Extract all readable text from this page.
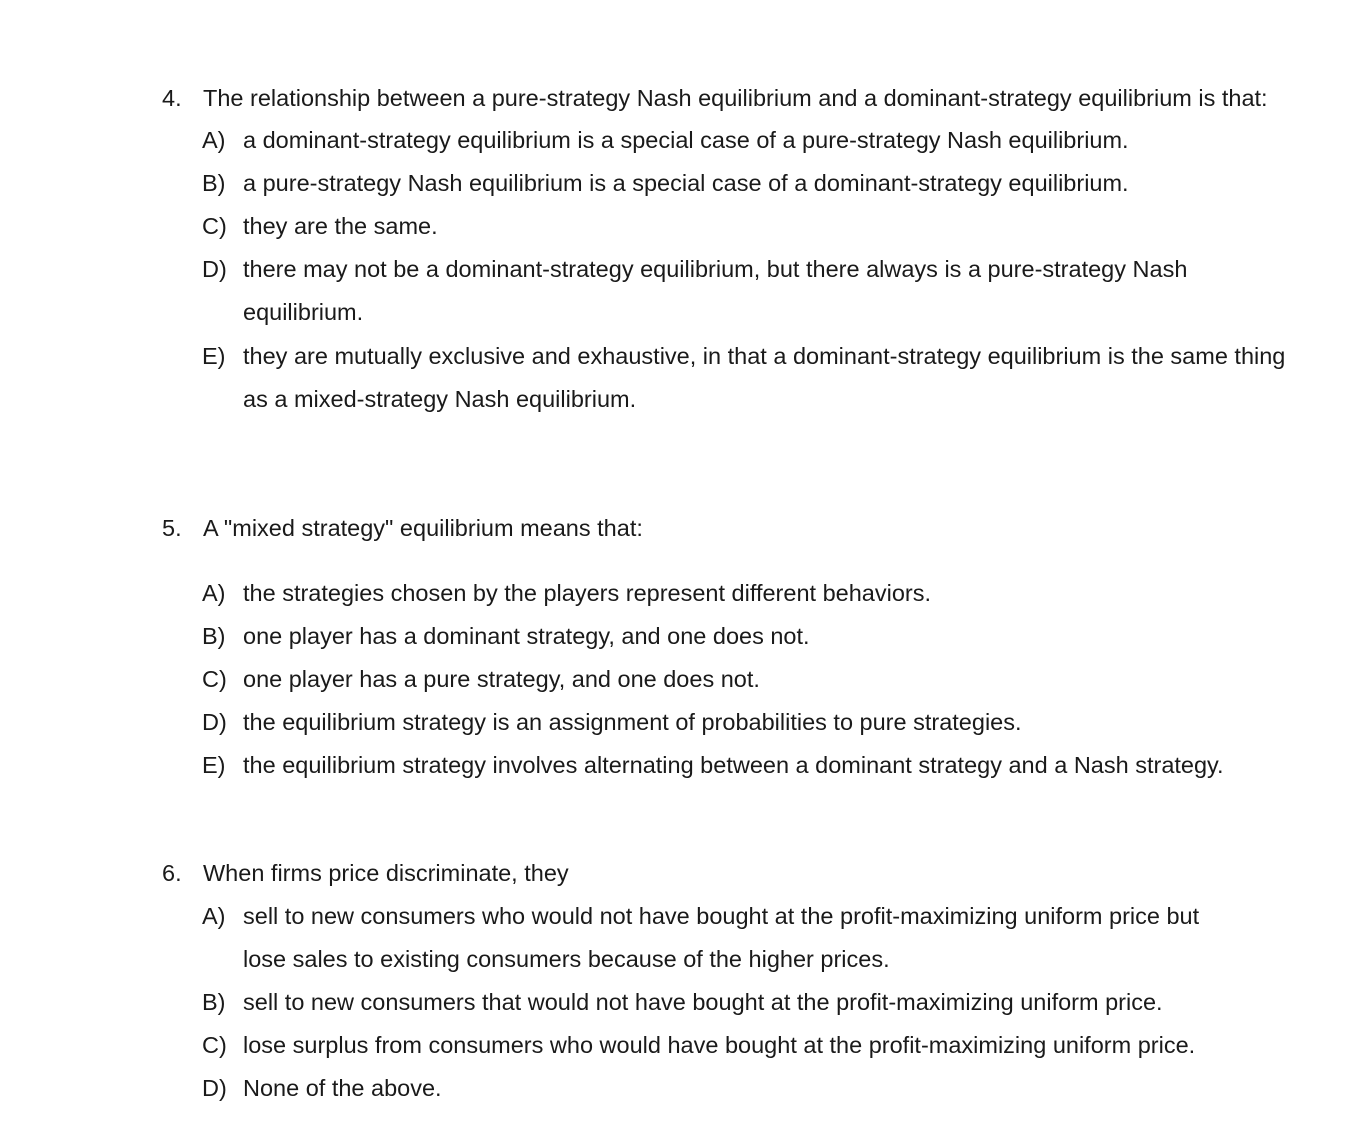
4. The relationship between a pure-strategy Nash equilibrium and a dominant-strategy equilibrium is that:
A) a dominant-strategy equilibrium is a special case of a pure-strategy Nash equilibrium.
B) a pure-strategy Nash equilibrium is a special case of a dominant-strategy equilibrium.
C) they are the same.
D) there may not be a dominant-strategy equilibrium, but there always is a pure-strategy Nash
equilibrium.
E) they are mutually exclusive and exhaustive, in that a dominant-strategy equilibrium is the same thing
as a mixed-strategy Nash equilibrium.
5. A "mixed strategy" equilibrium means that:
A) the strategies chosen by the players represent different behaviors.
B) one player has a dominant strategy, and one does not.
C) one player has a pure strategy, and one does not.
D) the equilibrium strategy is an assignment of probabilities to pure strategies.
E) the equilibrium strategy involves alternating between a dominant strategy and a Nash strategy.
6. When firms price discriminate, they
A) sell to new consumers who would not have bought at the profit-maximizing uniform price but
lose sales to existing consumers because of the higher prices.
B) sell to new consumers that would not have bought at the profit-maximizing uniform price.
C) lose surplus from consumers who would have bought at the profit-maximizing uniform price.
D) None of the above.
